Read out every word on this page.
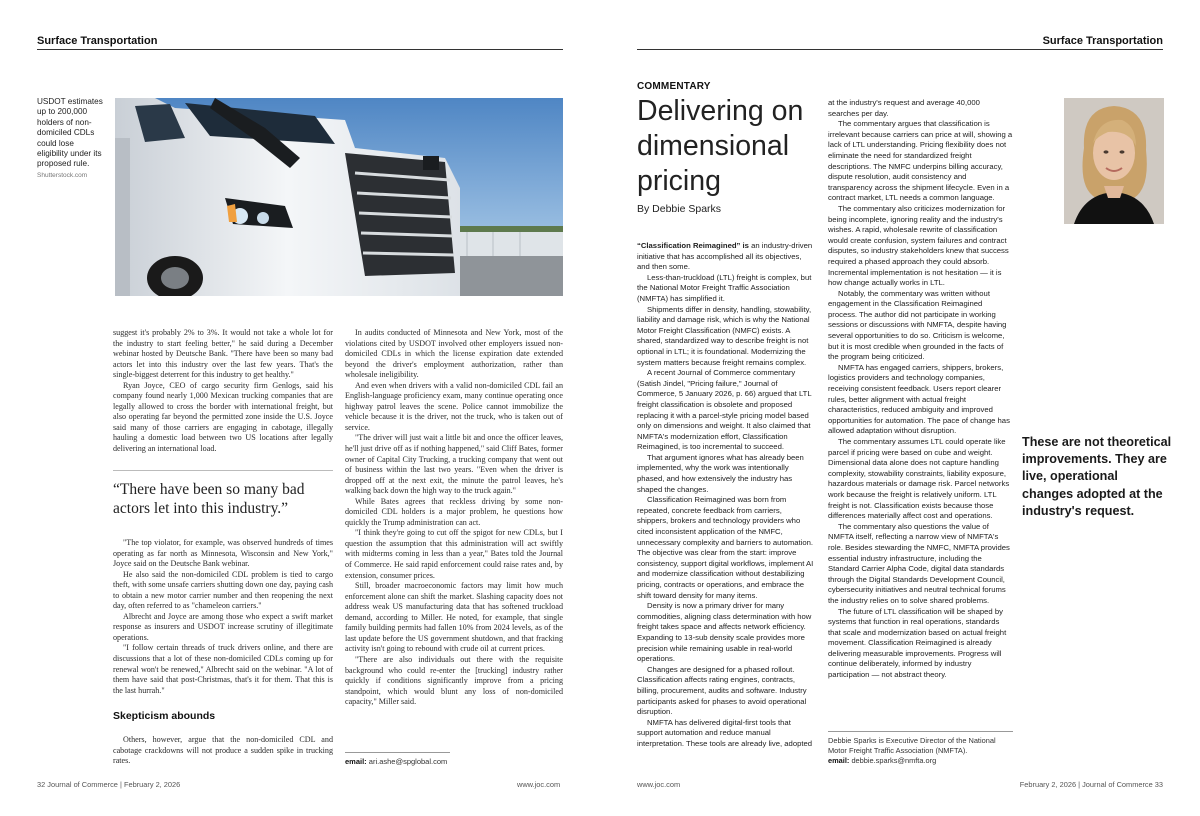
Surface Transportation
USDOT estimates up to 200,000 holders of non-domiciled CDLs could lose eligibility under its proposed rule.
Shutterstock.com

suggest it's probably 2% to 3%. It would not take a whole lot for the industry to start feeling better," he said during a December webinar hosted by Deutsche Bank. "There have been so many bad actors let into this industry over the last few years. That's the single-biggest deterrent for this industry to get healthy."

Ryan Joyce, CEO of cargo security firm Genlogs, said his company found nearly 1,000 Mexican trucking companies that are legally allowed to cross the border with international freight, but also operating far beyond the permitted zone inside the U.S. Joyce said many of those carriers are engaging in cabotage, illegally hauling a domestic load between two US locations after legally delivering an international load.

“There have been so many bad actors let into this industry.”

"The top violator, for example, was observed hundreds of times operating as far north as Minnesota, Wisconsin and New York," Joyce said on the Deutsche Bank webinar.

He also said the non-domiciled CDL problem is tied to cargo theft, with some unsafe carriers shutting down one day, paying cash to obtain a new motor carrier number and then reopening the next day, often referred to as "chameleon carriers."

Albrecht and Joyce are among those who expect a swift market response as insurers and USDOT increase scrutiny of illegitimate operations.

"I follow certain threads of truck drivers online, and there are discussions that a lot of these non-domiciled CDLs coming up for renewal won't be renewed," Albrecht said on the webinar. "A lot of them have said that post-Christmas, that's it for them. That this is the last hurrah."

Skepticism abounds

Others, however, argue that the non-domiciled CDL and cabotage crackdowns will not produce a sudden spike in trucking rates.

In audits conducted of Minnesota and New York, most of the violations cited by USDOT involved other employers issued non-domiciled CDLs in which the license expiration date extended beyond the driver's employment authorization, rather than wholesale ineligibility.

And even when drivers with a valid non-domiciled CDL fail an English-language proficiency exam, many continue operating once highway patrol leaves the scene. Police cannot immobilize the vehicle because it is the driver, not the truck, who is taken out of service.

"The driver will just wait a little bit and once the officer leaves, he'll just drive off as if nothing happened," said Cliff Bates, former owner of Capital City Trucking, a trucking company that went out of business within the last two years. "Even when the driver is dropped off at the next exit, the minute the patrol leaves, he's walking back down the high way to the truck again."

While Bates agrees that reckless driving by some non-domiciled CDL holders is a major problem, he questions how quickly the Trump administration can act.

"I think they're going to cut off the spigot for new CDLs, but I question the assumption that this administration will act swiftly with midterms coming in less than a year," Bates told the Journal of Commerce. He said rapid enforcement could raise rates and, by extension, consumer prices.

Still, broader macroeconomic factors may limit how much enforcement alone can shift the market. Slashing capacity does not address weak US manufacturing data that has softened truckload demand, according to Miller. He noted, for example, that single family building permits had fallen 10% from 2024 levels, as of the last update before the US government shutdown, and that fracking activity isn't going to rebound with crude oil at current prices.

"There are also individuals out there with the requisite background who could re-enter the [trucking] industry rather quickly if conditions significantly improve from a pricing standpoint, which would blunt any loss of non-domiciled capacity," Miller said.

email: ari.ashe@spglobal.com
32 Journal of Commerce | February 2, 2026	www.joc.com
Surface Transportation
www.joc.com	February 2, 2026 | Journal of Commerce 33
COMMENTARY
Delivering on dimensional pricing
By Debbie Sparks

“Classification Reimagined” is an industry-driven initiative that has accomplished all its objectives, and then some.

Less-than-truckload (LTL) freight is complex, but the National Motor Freight Traffic Association (NMFTA) has simplified it.

Shipments differ in density, handling, stowability, liability and damage risk, which is why the National Motor Freight Classification (NMFC) exists. A shared, standardized way to describe freight is not optional in LTL; it is foundational. Modernizing the system matters because freight remains complex.

A recent Journal of Commerce commentary (Satish Jindel, "Pricing failure," Journal of Commerce, 5 January 2026, p. 66) argued that LTL freight classification is obsolete and proposed replacing it with a parcel-style pricing model based only on dimensions and weight. It also claimed that NMFTA's modernization effort, Classification Reimagined, is too incremental to succeed.

That argument ignores what has already been implemented, why the work was intentionally phased, and how extensively the industry has shaped the changes.

Classification Reimagined was born from repeated, concrete feedback from carriers, shippers, brokers and technology providers who cited inconsistent application of the NMFC, unnecessary complexity and barriers to automation. The objective was clear from the start: improve consistency, support digital workflows, implement AI and modernize classification without destabilizing pricing, contracts or operations, and embrace the shift toward density for many items.

Density is now a primary driver for many commodities, aligning class determination with how freight takes space and affects network efficiency. Expanding to 13-sub density scale provides more precision while remaining usable in real-world operations.

Changes are designed for a phased rollout. Classification affects rating engines, contracts, billing, procurement, audits and software. Industry participants asked for phases to avoid operational disruption.

NMFTA has delivered digital-first tools that support automation and reduce manual interpretation. These tools are already live, adopted

at the industry's request and average 40,000 searches per day.

The commentary argues that classification is irrelevant because carriers can price at will, showing a lack of LTL understanding. Pricing flexibility does not eliminate the need for standardized freight descriptions. The NMFC underpins billing accuracy, dispute resolution, audit consistency and transparency across the shipment lifecycle. Even in a contract market, LTL needs a common language.

The commentary also criticizes modernization for being incomplete, ignoring reality and the industry's wishes. A rapid, wholesale rewrite of classification would create confusion, system failures and contract disputes, so industry stakeholders knew that success required a phased approach they could absorb. Incremental implementation is not hesitation — it is how change actually works in LTL.

Notably, the commentary was written without engagement in the Classification Reimagined process. The author did not participate in working sessions or discussions with NMFTA, despite having several opportunities to do so. Criticism is welcome, but it is most credible when grounded in the facts of the program being criticized.

NMFTA has engaged carriers, shippers, brokers, logistics providers and technology companies, receiving consistent feedback. Users report clearer rules, better alignment with actual freight characteristics, reduced ambiguity and improved opportunities for automation. The pace of change has allowed adaptation without disruption.

The commentary assumes LTL could operate like parcel if pricing were based on cube and weight. Dimensional data alone does not capture handling complexity, stowability constraints, liability exposure, hazardous materials or damage risk. Parcel networks work because the freight is relatively uniform. LTL freight is not. Classification exists because those differences materially affect cost and operations.

The commentary also questions the value of NMFTA itself, reflecting a narrow view of NMFTA's role. Besides stewarding the NMFC, NMFTA provides essential industry infrastructure, including the Standard Carrier Alpha Code, digital data standards through the Digital Standards Development Council, cybersecurity initiatives and neutral technical forums the industry relies on to solve shared problems.

The future of LTL classification will be shaped by systems that function in real operations, standards that scale and modernization based on actual freight movement. Classification Reimagined is already delivering measurable improvements. Progress will continue deliberately, informed by industry participation — not abstract theory.

Debbie Sparks is Executive Director of the National Motor Freight Traffic Association (NMFTA).
email: debbie.sparks@nmfta.org
These are not theoretical improvements. They are live, operational changes adopted at the industry's request.
